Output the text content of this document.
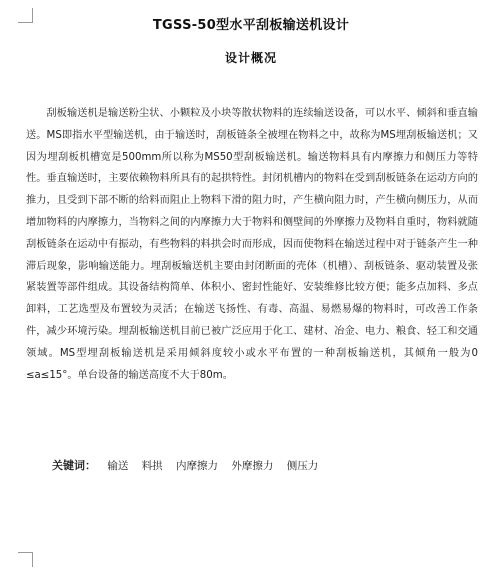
TGSS-50型水平刮板输送机设计
设计概况

刮板输送机是输送粉尘状、小颗粒及小块等散状物料的连续输送设备，可以水平、倾斜和垂直输送。MS即指水平型输送机，由于输送时，刮板链条全被埋在物料之中，故称为MS埋刮板输送机；又因为埋刮板机槽宽是500mm所以称为MS50型刮板输送机。输送物料具有内摩擦力和侧压力等特性。垂直输送时，主要依赖物料所具有的起拱特性。封闭机槽内的物料在受到刮板链条在运动方向的推力，且受到下部不断的给料而阻止上物料下滑的阻力时，产生横向阻力时，产生横向侧压力，从而增加物料的内摩擦力，当物料之间的内摩擦力大于物料和侧壁间的外摩擦力及物料自重时，物料就随刮板链条在运动中有振动，有些物料的料拱会时而形成，因而使物料在输送过程中对于链条产生一种滞后现象，影响输送能力。埋刮板输送机主要由封闭断面的壳体（机槽）、刮板链条、驱动装置及张紧装置等部件组成。其设备结构简单、体积小、密封性能好、安装维修比较方便；能多点加料、多点卸料，工艺选型及布置较为灵活；在输送飞扬性、有毒、高温、易燃易爆的物料时，可改善工作条件，减少环境污染。埋刮板输送机目前已被广泛应用于化工、建材、冶金、电力、粮食、轻工和交通领域。MS型埋刮板输送机是采用倾斜度较小或水平布置的一种刮板输送机，其倾角一般为0 ≤a≤15°。单台设备的输送高度不大于80m。

关键词： 输送 料拱 内摩擦力 外摩擦力 侧压力
